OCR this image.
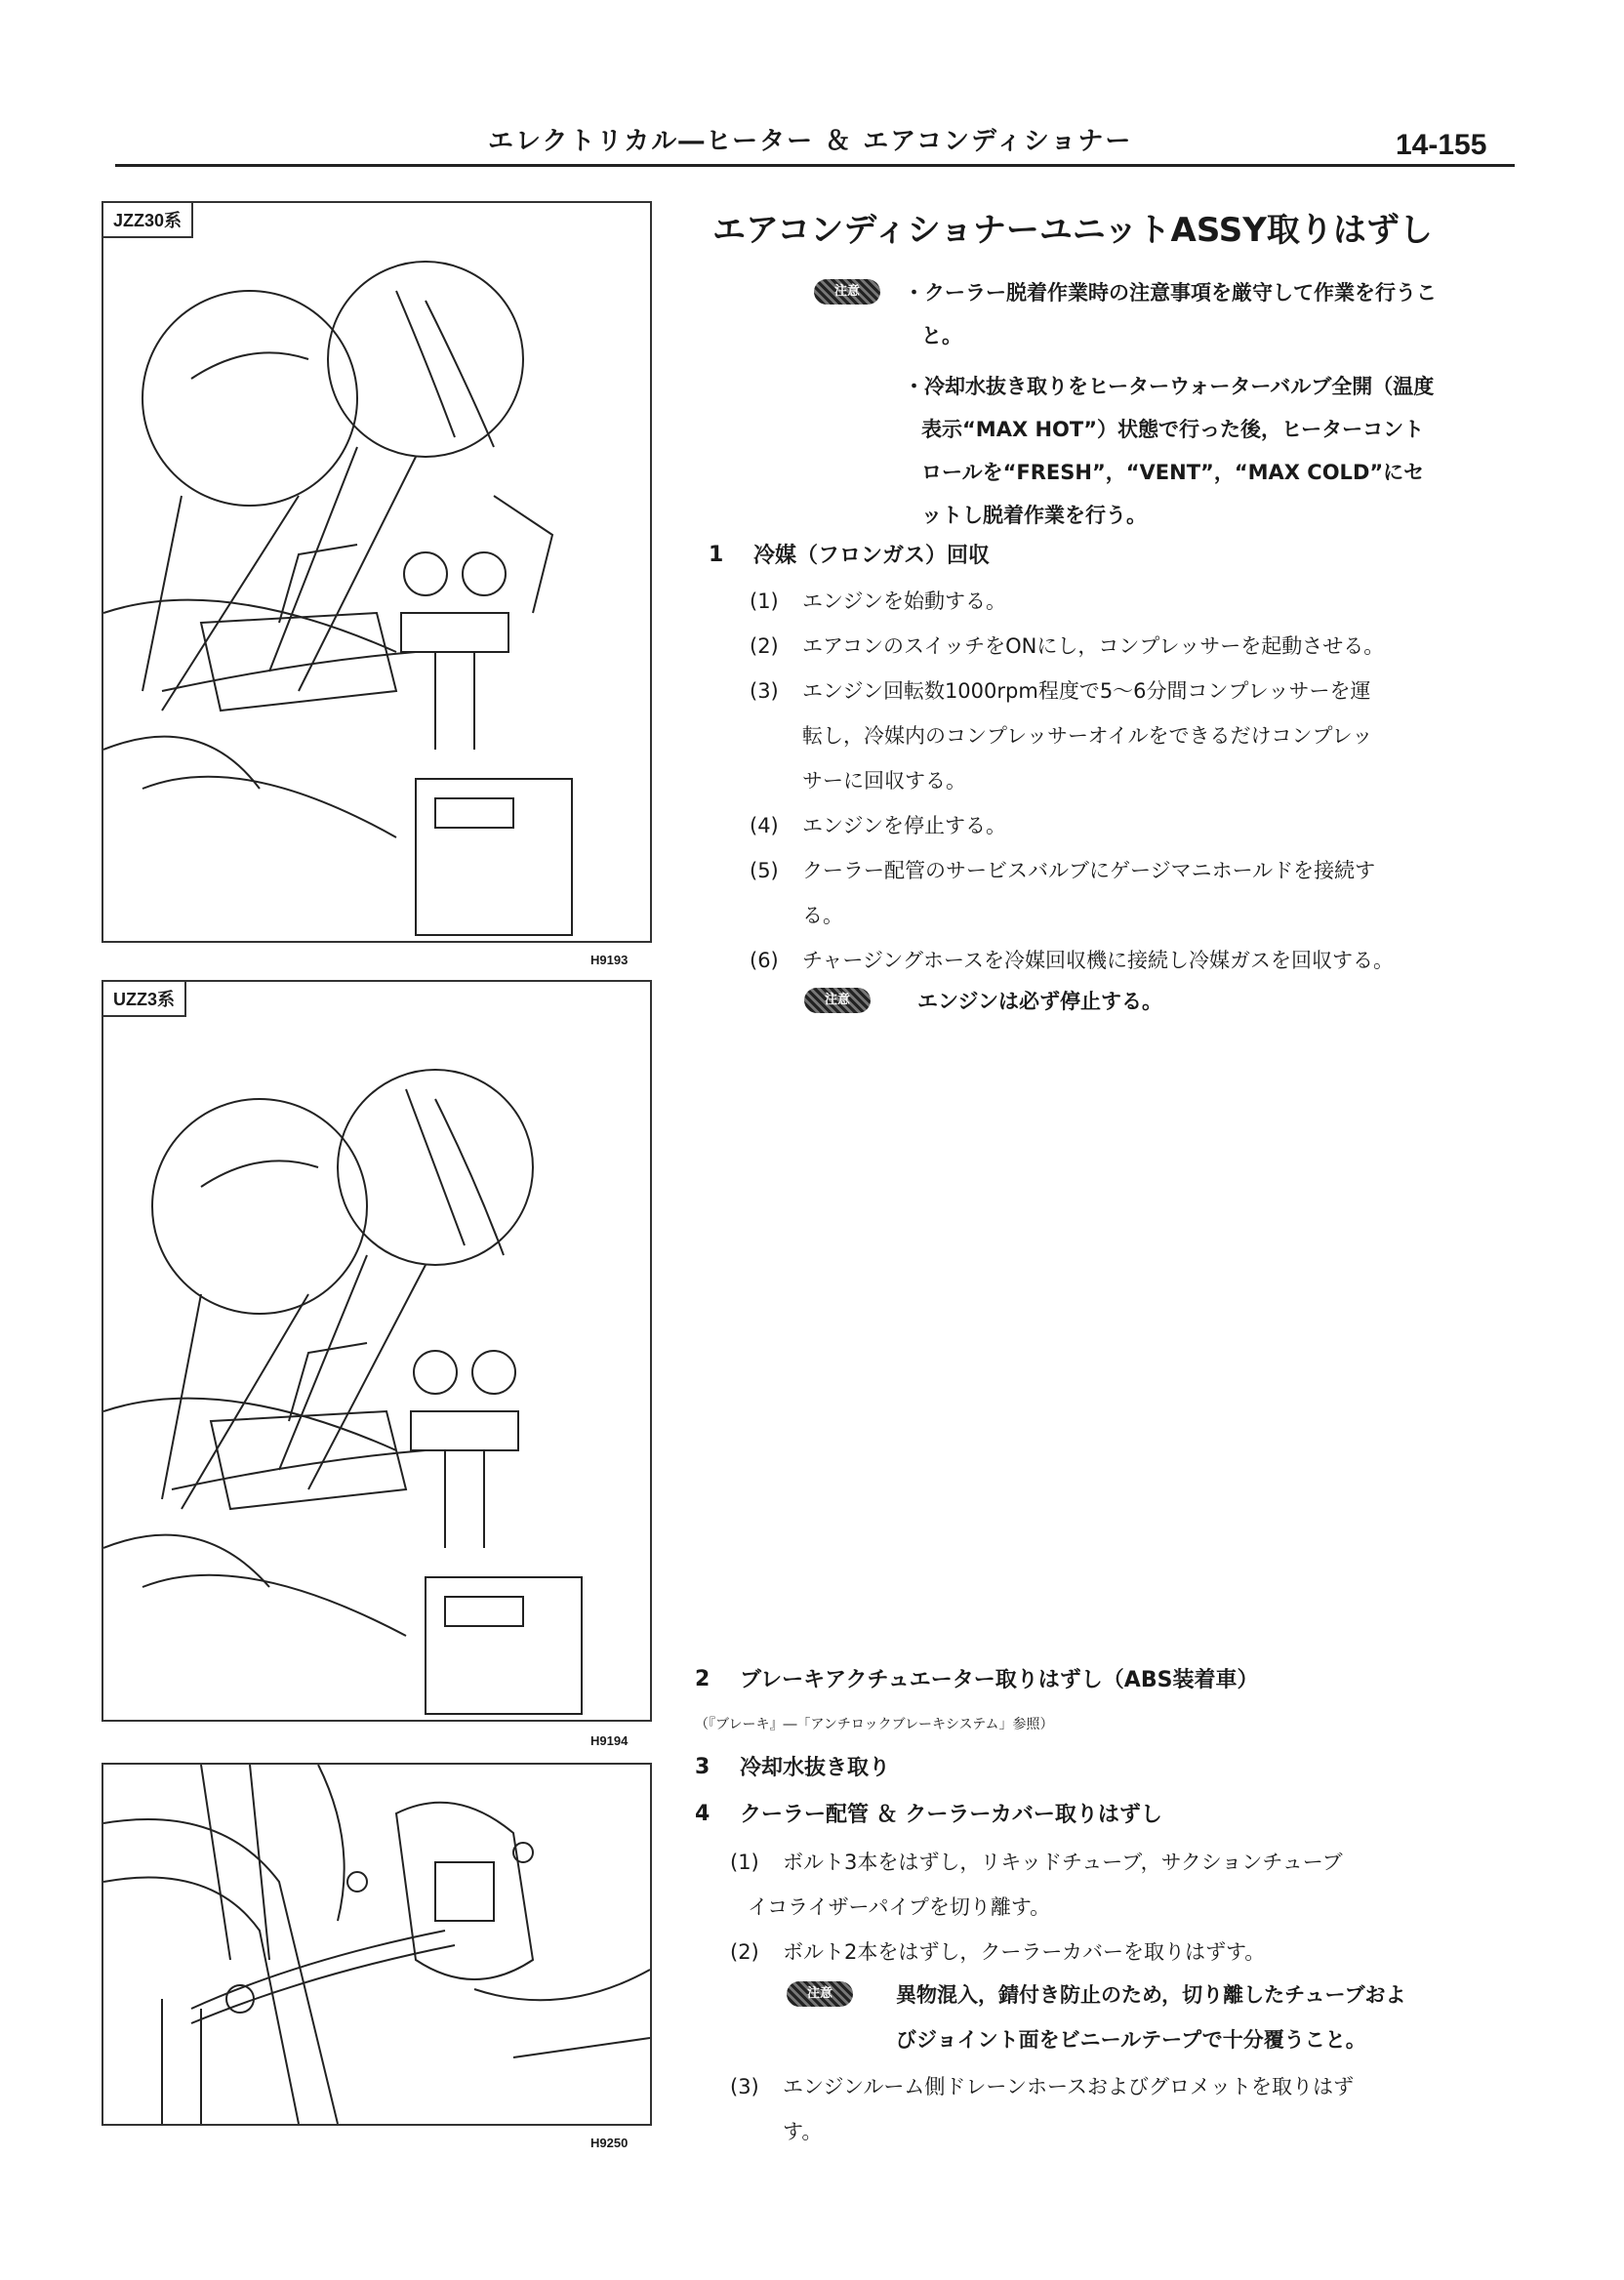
エレクトリカル―ヒーター ＆ エアコンディショナー	14-155
JZZ30系
H9193
UZZ3系
H9194
H9250
エアコンディショナーユニットASSY取りはずし
注意	・クーラー脱着作業時の注意事項を厳守して作業を行うこ
と。
・冷却水抜き取りをヒーターウォーターバルブ全開（温度
表示“MAX HOT”）状態で行った後，ヒーターコント
ロールを“FRESH”，“VENT”，“MAX COLD”にセ
ットし脱着作業を行う。
1 冷媒（フロンガス）回収
(1) エンジンを始動する。
(2) エアコンのスイッチをONにし，コンプレッサーを起動させる。
(3) エンジン回転数1000rpm程度で5～6分間コンプレッサーを運
転し，冷媒内のコンプレッサーオイルをできるだけコンプレッ
サーに回収する。
(4) エンジンを停止する。
(5) クーラー配管のサービスバルブにゲージマニホールドを接続す
る。
(6) チャージングホースを冷媒回収機に接続し冷媒ガスを回収する。
注意	エンジンは必ず停止する。
2 ブレーキアクチュエーター取りはずし（ABS装着車）
（『ブレーキ』―「アンチロックブレーキシステム」参照）
3 冷却水抜き取り
4 クーラー配管 ＆ クーラーカバー取りはずし
(1) ボルト3本をはずし，リキッドチューブ，サクションチューブ
イコライザーパイプを切り離す。
(2) ボルト2本をはずし，クーラーカバーを取りはずす。
注意	異物混入，錆付き防止のため，切り離したチューブおよ
びジョイント面をビニールテープで十分覆うこと。
(3) エンジンルーム側ドレーンホースおよびグロメットを取りはず
す。
